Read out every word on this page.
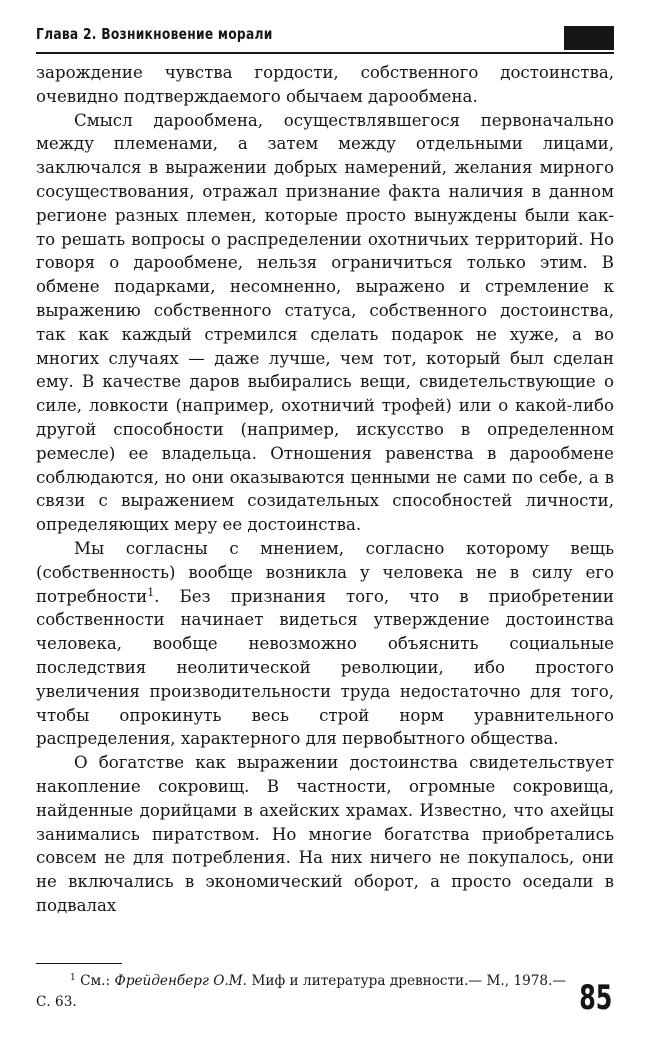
Глава 2. Возникновение морали

зарождение чувства гордости, собственного достоинства, очевидно подтверждаемого обычаем дарообмена.

Смысл дарообмена, осуществлявшегося первоначально между племенами, а затем между отдельными лицами, заключался в выражении добрых намерений, желания мирного сосуществования, отражал признание факта наличия в данном регионе разных племен, которые просто вынуждены были как-то решать вопросы о распределении охотничьих территорий. Но говоря о дарообмене, нельзя ограничиться только этим. В обмене подарками, несомненно, выражено и стремление к выражению собственного статуса, собственного достоинства, так как каждый стремился сделать подарок не хуже, а во многих случаях — даже лучше, чем тот, который был сделан ему. В качестве даров выбирались вещи, свидетельствующие о силе, ловкости (например, охотничий трофей) или о какой-либо другой способности (например, искусство в определенном ремесле) ее владельца. Отношения равенства в дарообмене соблюдаются, но они оказываются ценными не сами по себе, а в связи с выражением созидательных способностей личности, определяющих меру ее достоинства.

Мы согласны с мнением, согласно которому вещь (собственность) вообще возникла у человека не в силу его потребности$^1$. Без признания того, что в приобретении собственности начинает видеться утверждение достоинства человека, вообще невозможно объяснить социальные последствия неолитической революции, ибо простого увеличения производительности труда недостаточно для того, чтобы опрокинуть весь строй норм уравнительного распределения, характерного для первобытного общества.

О богатстве как выражении достоинства свидетельствует накопление сокровищ. В частности, огромные сокровища, найденные дорийцами в ахейских храмах. Известно, что ахейцы занимались пиратством. Но многие богатства приобретались совсем не для потребления. На них ничего не покупалось, они не включались в экономический оборот, а просто оседали в подвалах

$^1$ См.: Фрейденберг О.М. Миф и литература древности.— М., 1978.— С. 63.	85
